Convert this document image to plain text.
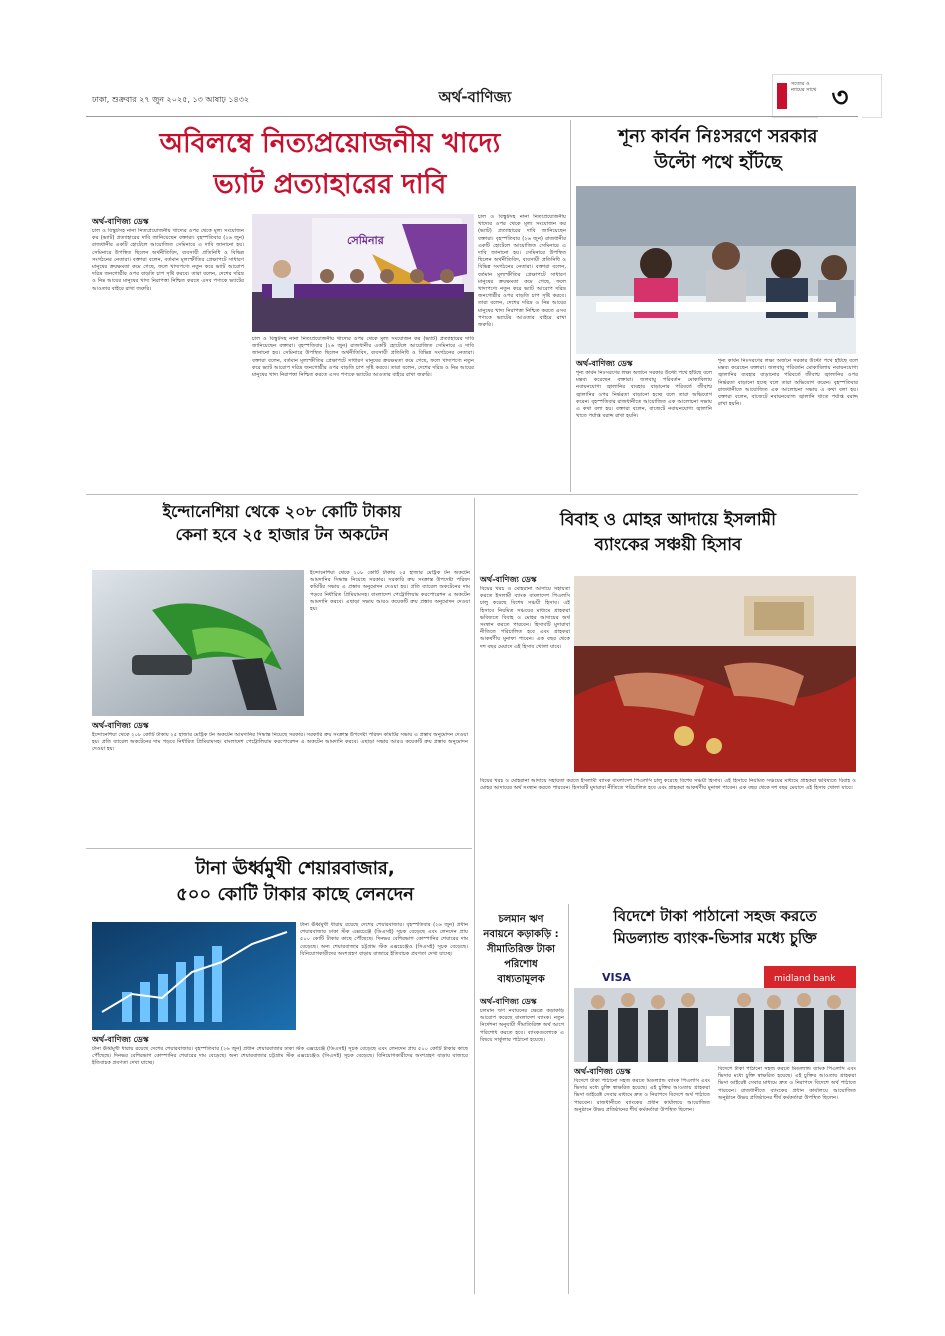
ঢাকা, শুক্রবার ২৭ জুন ২০২৫, ১৩ আষাঢ় ১৪৩২	অর্থ-বাণিজ্য
সত্যের ও ন্যায়ের সাথে ৩
অবিলম্বে নিত্যপ্রয়োজনীয় খাদ্যে
ভ্যাট প্রত্যাহারের দাবি
অর্থ-বাণিজ্য ডেস্ক
চাল ও বিস্কুটসহ নানা নিত্যপ্রয়োজনীয় খাদ্যের ওপর থেকে মূল্য সংযোজন কর (ভ্যাট) প্রত্যাহারের দাবি জানিয়েছেন বক্তারা। বৃহস্পতিবার (২৬ জুন) রাজধানীর একটি হোটেলে আয়োজিত সেমিনারে এ দাবি জানানো হয়। সেমিনারে উপস্থিত ছিলেন অর্থনীতিবিদ, ব্যবসায়ী প্রতিনিধি ও বিভিন্ন সংগঠনের নেতারা। বক্তারা বলেন, বর্তমান মূল্যস্ফীতির প্রেক্ষাপটে সাধারণ মানুষের ক্রয়ক্ষমতা কমে গেছে, ফলে খাদ্যপণ্যে নতুন করে ভ্যাট আরোপ দরিদ্র জনগোষ্ঠীর ওপর বাড়তি চাপ সৃষ্টি করবে। তারা বলেন, দেশের দরিদ্র ও নিম্ন আয়ের মানুষের খাদ্য নিরাপত্তা নিশ্চিত করতে এসব পণ্যকে ভ্যাটের আওতার বাইরে রাখা জরুরি।
সেমিনার
চাল ও বিস্কুটসহ নানা নিত্যপ্রয়োজনীয় খাদ্যের ওপর থেকে মূল্য সংযোজন কর (ভ্যাট) প্রত্যাহারের দাবি জানিয়েছেন বক্তারা। বৃহস্পতিবার (২৬ জুন) রাজধানীর একটি হোটেলে আয়োজিত সেমিনারে এ দাবি জানানো হয়। সেমিনারে উপস্থিত ছিলেন অর্থনীতিবিদ, ব্যবসায়ী প্রতিনিধি ও বিভিন্ন সংগঠনের নেতারা। বক্তারা বলেন, বর্তমান মূল্যস্ফীতির প্রেক্ষাপটে সাধারণ মানুষের ক্রয়ক্ষমতা কমে গেছে, ফলে খাদ্যপণ্যে নতুন করে ভ্যাট আরোপ দরিদ্র জনগোষ্ঠীর ওপর বাড়তি চাপ সৃষ্টি করবে। তারা বলেন, দেশের দরিদ্র ও নিম্ন আয়ের মানুষের খাদ্য নিরাপত্তা নিশ্চিত করতে এসব পণ্যকে ভ্যাটের আওতার বাইরে রাখা জরুরি।
চাল ও বিস্কুটসহ নানা নিত্যপ্রয়োজনীয় খাদ্যের ওপর থেকে মূল্য সংযোজন কর (ভ্যাট) প্রত্যাহারের দাবি জানিয়েছেন বক্তারা। বৃহস্পতিবার (২৬ জুন) রাজধানীর একটি হোটেলে আয়োজিত সেমিনারে এ দাবি জানানো হয়। সেমিনারে উপস্থিত ছিলেন অর্থনীতিবিদ, ব্যবসায়ী প্রতিনিধি ও বিভিন্ন সংগঠনের নেতারা। বক্তারা বলেন, বর্তমান মূল্যস্ফীতির প্রেক্ষাপটে সাধারণ মানুষের ক্রয়ক্ষমতা কমে গেছে, ফলে খাদ্যপণ্যে নতুন করে ভ্যাট আরোপ দরিদ্র জনগোষ্ঠীর ওপর বাড়তি চাপ সৃষ্টি করবে। তারা বলেন, দেশের দরিদ্র ও নিম্ন আয়ের মানুষের খাদ্য নিরাপত্তা নিশ্চিত করতে এসব পণ্যকে ভ্যাটের আওতার বাইরে রাখা জরুরি।
শূন্য কার্বন নিঃসরণে সরকার
উল্টো পথে হাঁটছে
অর্থ-বাণিজ্য ডেস্ক
শূন্য কার্বন নিঃসরণের লক্ষ্য অর্জনে সরকার উল্টো পথে হাঁটছে বলে মন্তব্য করেছেন বক্তারা। জলবায়ু পরিবর্তন মোকাবিলায় নবায়নযোগ্য জ্বালানির ব্যবহার বাড়ানোর পরিবর্তে জীবাশ্ম জ্বালানির ওপর নির্ভরতা বাড়ানো হচ্ছে বলে তারা অভিযোগ করেন। বৃহস্পতিবার রাজধানীতে আয়োজিত এক আলোচনা সভায় এ কথা বলা হয়। বক্তারা বলেন, বাজেটে নবায়নযোগ্য জ্বালানি খাতে পর্যাপ্ত বরাদ্দ রাখা হয়নি।
শূন্য কার্বন নিঃসরণের লক্ষ্য অর্জনে সরকার উল্টো পথে হাঁটছে বলে মন্তব্য করেছেন বক্তারা। জলবায়ু পরিবর্তন মোকাবিলায় নবায়নযোগ্য জ্বালানির ব্যবহার বাড়ানোর পরিবর্তে জীবাশ্ম জ্বালানির ওপর নির্ভরতা বাড়ানো হচ্ছে বলে তারা অভিযোগ করেন। বৃহস্পতিবার রাজধানীতে আয়োজিত এক আলোচনা সভায় এ কথা বলা হয়। বক্তারা বলেন, বাজেটে নবায়নযোগ্য জ্বালানি খাতে পর্যাপ্ত বরাদ্দ রাখা হয়নি।
ইন্দোনেশিয়া থেকে ২০৮ কোটি টাকায়
কেনা হবে ২৫ হাজার টন অকটেন
অর্থ-বাণিজ্য ডেস্ক
ইন্দোনেশিয়া থেকে ২০৮ কোটি টাকায় ২৫ হাজার মেট্রিক টন অকটেন আমদানির সিদ্ধান্ত নিয়েছে সরকার। সরকারি ক্রয় সংক্রান্ত উপদেষ্টা পরিষদ কমিটির সভায় এ প্রস্তাব অনুমোদন দেওয়া হয়। প্রতি ব্যারেল অকটেনের দাম পড়বে নির্ধারিত প্রিমিয়ামসহ। বাংলাদেশ পেট্রোলিয়াম করপোরেশন এ অকটেন আমদানি করবে। এছাড়া সভায় আরও কয়েকটি ক্রয় প্রস্তাব অনুমোদন দেওয়া হয়।
ইন্দোনেশিয়া থেকে ২০৮ কোটি টাকায় ২৫ হাজার মেট্রিক টন অকটেন আমদানির সিদ্ধান্ত নিয়েছে সরকার। সরকারি ক্রয় সংক্রান্ত উপদেষ্টা পরিষদ কমিটির সভায় এ প্রস্তাব অনুমোদন দেওয়া হয়। প্রতি ব্যারেল অকটেনের দাম পড়বে নির্ধারিত প্রিমিয়ামসহ। বাংলাদেশ পেট্রোলিয়াম করপোরেশন এ অকটেন আমদানি করবে। এছাড়া সভায় আরও কয়েকটি ক্রয় প্রস্তাব অনুমোদন দেওয়া হয়।
বিবাহ ও মোহর আদায়ে ইসলামী
ব্যাংকের সঞ্চয়ী হিসাব
অর্থ-বাণিজ্য ডেস্ক
বিয়ের খরচ ও মোহরানা আদায়ে সহায়তা করতে ইসলামী ব্যাংক বাংলাদেশ পিএলসি চালু করেছে বিশেষ সঞ্চয়ী হিসাব। এই হিসাবে নিয়মিত সঞ্চয়ের মাধ্যমে গ্রাহকরা ভবিষ্যতে বিবাহ ও মোহর আদায়ের অর্থ সংস্থান করতে পারবেন। হিসাবটি মুদারাবা নীতিতে পরিচালিত হবে এবং গ্রাহকরা আকর্ষণীয় মুনাফা পাবেন। এক বছর থেকে দশ বছর মেয়াদে এই হিসাব খোলা যাবে।
বিয়ের খরচ ও মোহরানা আদায়ে সহায়তা করতে ইসলামী ব্যাংক বাংলাদেশ পিএলসি চালু করেছে বিশেষ সঞ্চয়ী হিসাব। এই হিসাবে নিয়মিত সঞ্চয়ের মাধ্যমে গ্রাহকরা ভবিষ্যতে বিবাহ ও মোহর আদায়ের অর্থ সংস্থান করতে পারবেন। হিসাবটি মুদারাবা নীতিতে পরিচালিত হবে এবং গ্রাহকরা আকর্ষণীয় মুনাফা পাবেন। এক বছর থেকে দশ বছর মেয়াদে এই হিসাব খোলা যাবে।
টানা ঊর্ধ্বমুখী শেয়ারবাজার,
৫০০ কোটি টাকার কাছে লেনদেন
অর্থ-বাণিজ্য ডেস্ক
টানা ঊর্ধ্বমুখী ধারায় রয়েছে দেশের শেয়ারবাজার। বৃহস্পতিবার (২৬ জুন) প্রধান শেয়ারবাজার ঢাকা স্টক এক্সচেঞ্জে (ডিএসই) সূচক বেড়েছে এবং লেনদেন প্রায় ৫০০ কোটি টাকার কাছে পৌঁছেছে। দিনভর বেশিরভাগ কোম্পানির শেয়ারের দাম বেড়েছে। অন্য শেয়ারবাজার চট্টগ্রাম স্টক এক্সচেঞ্জেও (সিএসই) সূচক বেড়েছে। বিনিয়োগকারীদের অংশগ্রহণ বাড়ায় বাজারে ইতিবাচক প্রবণতা দেখা যাচ্ছে।
টানা ঊর্ধ্বমুখী ধারায় রয়েছে দেশের শেয়ারবাজার। বৃহস্পতিবার (২৬ জুন) প্রধান শেয়ারবাজার ঢাকা স্টক এক্সচেঞ্জে (ডিএসই) সূচক বেড়েছে এবং লেনদেন প্রায় ৫০০ কোটি টাকার কাছে পৌঁছেছে। দিনভর বেশিরভাগ কোম্পানির শেয়ারের দাম বেড়েছে। অন্য শেয়ারবাজার চট্টগ্রাম স্টক এক্সচেঞ্জেও (সিএসই) সূচক বেড়েছে। বিনিয়োগকারীদের অংশগ্রহণ বাড়ায় বাজারে ইতিবাচক প্রবণতা দেখা যাচ্ছে।
চলমান ঋণ
নবায়নে কড়াকড়ি : সীমাতিরিক্ত টাকা পরিশোধ বাধ্যতামূলক
অর্থ-বাণিজ্য ডেস্ক
চলমান ঋণ নবায়নের ক্ষেত্রে কড়াকড়ি আরোপ করেছে বাংলাদেশ ব্যাংক। নতুন নির্দেশনা অনুযায়ী সীমাতিরিক্ত অর্থ আগে পরিশোধ করতে হবে। ব্যাংকগুলোকে এ বিষয়ে সার্কুলার পাঠানো হয়েছে।
বিদেশে টাকা পাঠানো সহজ করতে
মিডল্যান্ড ব্যাংক-ভিসার মধ্যে চুক্তি
VISA	midland bank
অর্থ-বাণিজ্য ডেস্ক
বিদেশে টাকা পাঠানো সহজ করতে মিডল্যান্ড ব্যাংক পিএলসি এবং ভিসার মধ্যে চুক্তি স্বাক্ষরিত হয়েছে। এই চুক্তির আওতায় গ্রাহকরা ভিসা ডাইরেক্ট সেবার মাধ্যমে দ্রুত ও নিরাপদে বিদেশে অর্থ পাঠাতে পারবেন। রাজধানীতে ব্যাংকের প্রধান কার্যালয়ে আয়োজিত অনুষ্ঠানে উভয় প্রতিষ্ঠানের শীর্ষ কর্মকর্তারা উপস্থিত ছিলেন।
বিদেশে টাকা পাঠানো সহজ করতে মিডল্যান্ড ব্যাংক পিএলসি এবং ভিসার মধ্যে চুক্তি স্বাক্ষরিত হয়েছে। এই চুক্তির আওতায় গ্রাহকরা ভিসা ডাইরেক্ট সেবার মাধ্যমে দ্রুত ও নিরাপদে বিদেশে অর্থ পাঠাতে পারবেন। রাজধানীতে ব্যাংকের প্রধান কার্যালয়ে আয়োজিত অনুষ্ঠানে উভয় প্রতিষ্ঠানের শীর্ষ কর্মকর্তারা উপস্থিত ছিলেন।
